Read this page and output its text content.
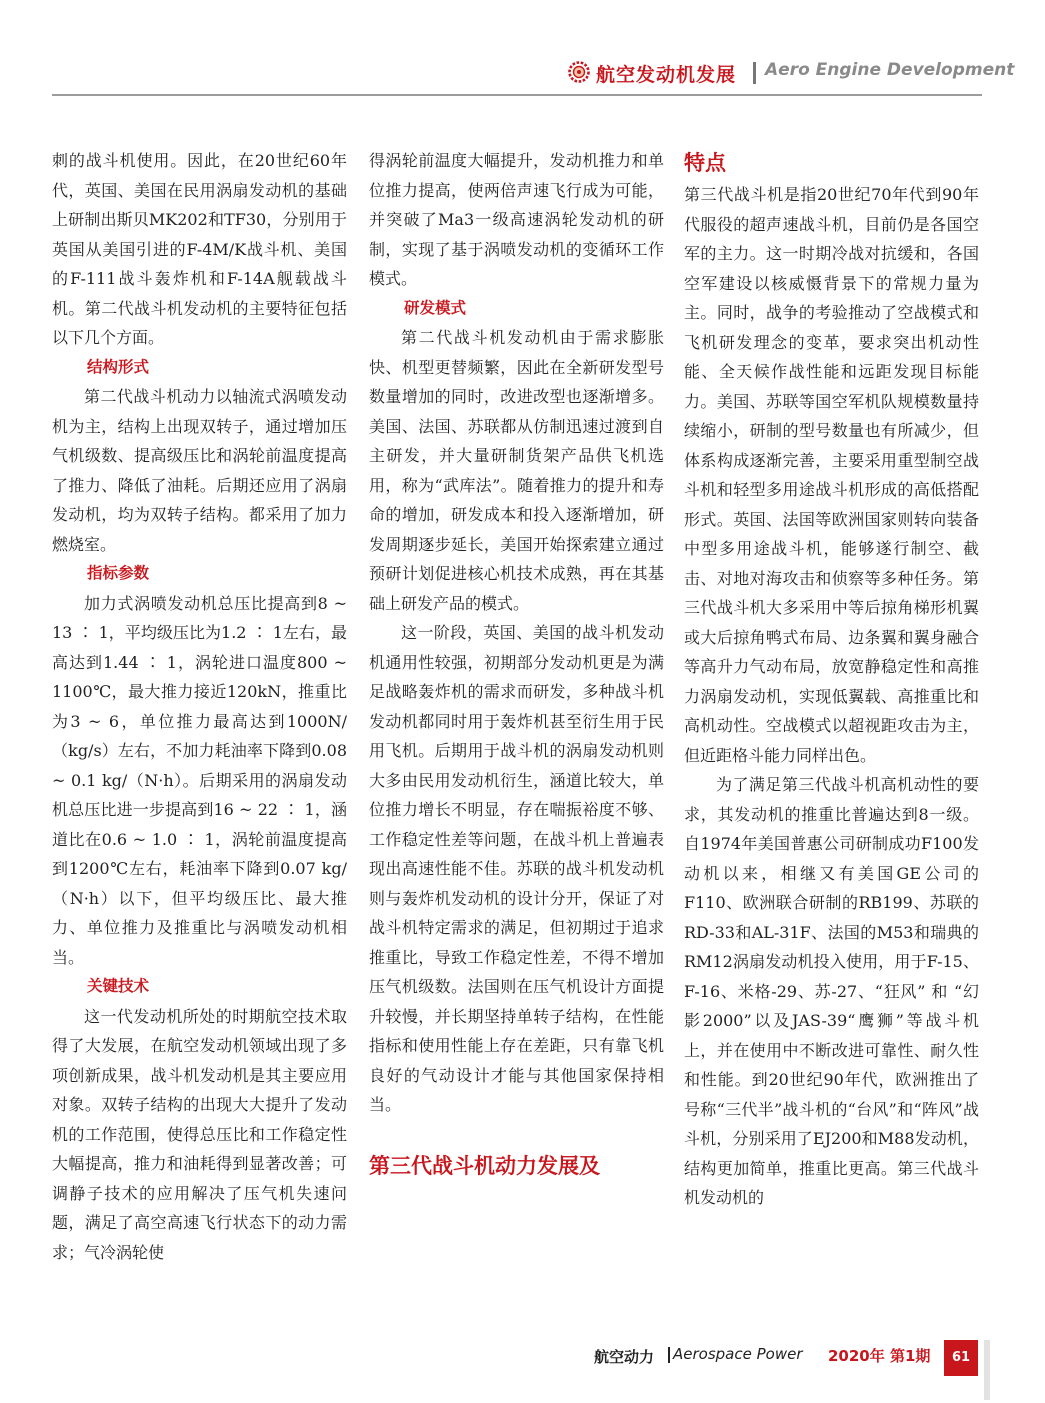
航空发动机发展 Aero Engine Development

刺的战斗机使用。因此，在20世纪60年代，英国、美国在民用涡扇发动机的基础上研制出斯贝MK202和TF30，分别用于英国从美国引进的F-4M/K战斗机、美国的F-111战斗轰炸机和F-14A舰载战斗机。第二代战斗机发动机的主要特征包括以下几个方面。

结构形式

第二代战斗机动力以轴流式涡喷发动机为主，结构上出现双转子，通过增加压气机级数、提高级压比和涡轮前温度提高了推力、降低了油耗。后期还应用了涡扇发动机，均为双转子结构。都采用了加力燃烧室。

指标参数

加力式涡喷发动机总压比提高到8 ~ 13 ∶ 1，平均级压比为1.2 ∶ 1左右，最高达到1.44 ∶ 1，涡轮进口温度800 ~ 1100℃，最大推力接近120kN，推重比为3 ~ 6，单位推力最高达到1000N/（kg/s）左右，不加力耗油率下降到0.08 ~ 0.1 kg/（N·h）。后期采用的涡扇发动机总压比进一步提高到16 ~ 22 ∶ 1，涵道比在0.6 ~ 1.0 ∶ 1，涡轮前温度提高到1200℃左右，耗油率下降到0.07 kg/（N·h）以下，但平均级压比、最大推力、单位推力及推重比与涡喷发动机相当。

关键技术

这一代发动机所处的时期航空技术取得了大发展，在航空发动机领域出现了多项创新成果，战斗机发动机是其主要应用对象。双转子结构的出现大大提升了发动机的工作范围，使得总压比和工作稳定性大幅提高，推力和油耗得到显著改善；可调静子技术的应用解决了压气机失速问题，满足了高空高速飞行状态下的动力需求；气冷涡轮使

得涡轮前温度大幅提升，发动机推力和单位推力提高，使两倍声速飞行成为可能，并突破了Ma3一级高速涡轮发动机的研制，实现了基于涡喷发动机的变循环工作模式。

研发模式

第二代战斗机发动机由于需求膨胀快、机型更替频繁，因此在全新研发型号数量增加的同时，改进改型也逐渐增多。美国、法国、苏联都从仿制迅速过渡到自主研发，并大量研制货架产品供飞机选用，称为“武库法”。随着推力的提升和寿命的增加，研发成本和投入逐渐增加，研发周期逐步延长，美国开始探索建立通过预研计划促进核心机技术成熟，再在其基础上研发产品的模式。

这一阶段，英国、美国的战斗机发动机通用性较强，初期部分发动机更是为满足战略轰炸机的需求而研发，多种战斗机发动机都同时用于轰炸机甚至衍生用于民用飞机。后期用于战斗机的涡扇发动机则大多由民用发动机衍生，涵道比较大，单位推力增长不明显，存在喘振裕度不够、工作稳定性差等问题，在战斗机上普遍表现出高速性能不佳。苏联的战斗机发动机则与轰炸机发动机的设计分开，保证了对战斗机特定需求的满足，但初期过于追求推重比，导致工作稳定性差，不得不增加压气机级数。法国则在压气机设计方面提升较慢，并长期坚持单转子结构，在性能指标和使用性能上存在差距，只有靠飞机良好的气动设计才能与其他国家保持相当。

第三代战斗机动力发展及

特点

第三代战斗机是指20世纪70年代到90年代服役的超声速战斗机，目前仍是各国空军的主力。这一时期冷战对抗缓和，各国空军建设以核威慑背景下的常规力量为主。同时，战争的考验推动了空战模式和飞机研发理念的变革，要求突出机动性能、全天候作战性能和远距发现目标能力。美国、苏联等国空军机队规模数量持续缩小，研制的型号数量也有所减少，但体系构成逐渐完善，主要采用重型制空战斗机和轻型多用途战斗机形成的高低搭配形式。英国、法国等欧洲国家则转向装备中型多用途战斗机，能够遂行制空、截击、对地对海攻击和侦察等多种任务。第三代战斗机大多采用中等后掠角梯形机翼或大后掠角鸭式布局、边条翼和翼身融合等高升力气动布局，放宽静稳定性和高推力涡扇发动机，实现低翼载、高推重比和高机动性。空战模式以超视距攻击为主，但近距格斗能力同样出色。

为了满足第三代战斗机高机动性的要求，其发动机的推重比普遍达到8一级。自1974年美国普惠公司研制成功F100发动机以来，相继又有美国GE公司的F110、欧洲联合研制的RB199、苏联的RD-33和AL-31F、法国的M53和瑞典的RM12涡扇发动机投入使用，用于F-15、F-16、米格-29、苏-27、“狂风” 和 “幻影2000”以及JAS-39“鹰狮”等战斗机上，并在使用中不断改进可靠性、耐久性和性能。到20世纪90年代，欧洲推出了号称“三代半”战斗机的“台风”和“阵风”战斗机，分别采用了EJ200和M88发动机，结构更加简单，推重比更高。第三代战斗机发动机的

航空动力 Aerospace Power 2020年 第1期	61
